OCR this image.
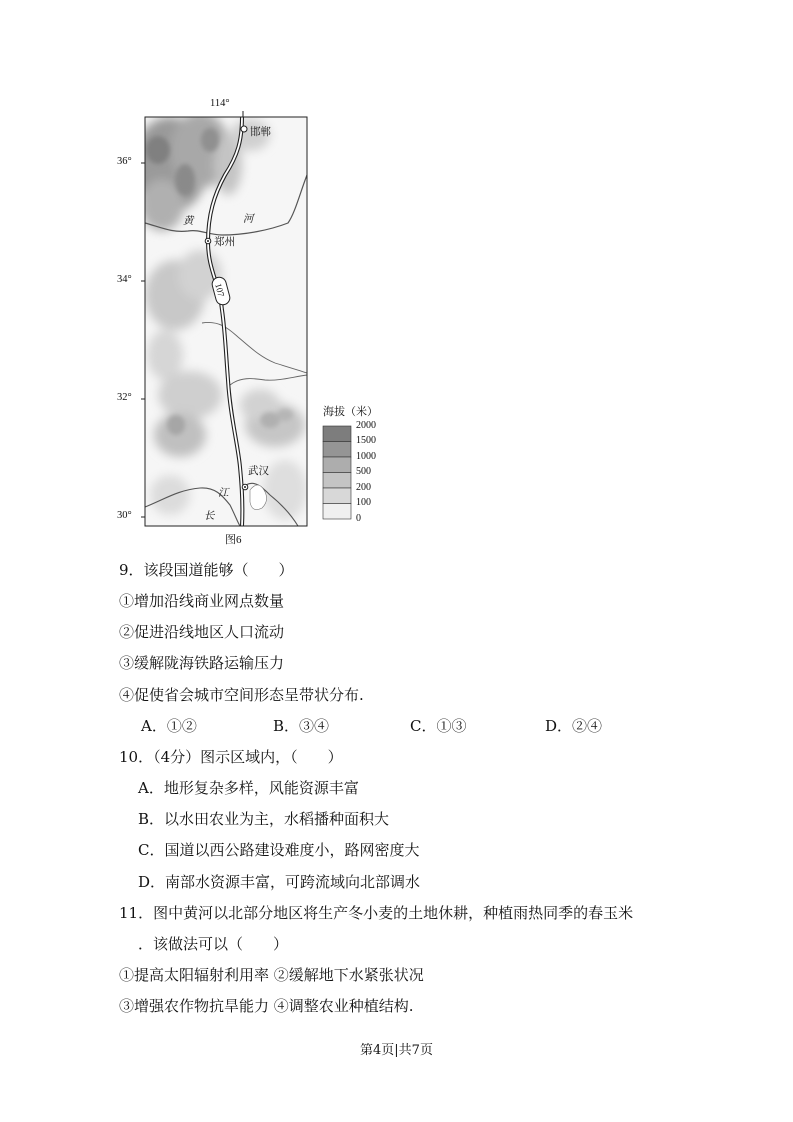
114°
36°
34°
32°
30°
邯郸
郑州
武汉
黄	河
江
长
107
海拔（米）
2000
1500
1000
500
200
100
0
图6
9．该段国道能够（　　）
①增加沿线商业网点数量
②促进沿线地区人口流动
③缓解陇海铁路运输压力
④促使省会城市空间形态呈带状分布.
A．①②	B．③④	C．①③	D．②④
10．（4分）图示区域内，（　　）
A．地形复杂多样，风能资源丰富
B．以水田农业为主，水稻播种面积大
C．国道以西公路建设难度小，路网密度大
D．南部水资源丰富，可跨流域向北部调水
11．图中黄河以北部分地区将生产冬小麦的土地休耕，种植雨热同季的春玉米
．该做法可以（　　）
①提高太阳辐射利用率 ②缓解地下水紧张状况
③增强农作物抗旱能力 ④调整农业种植结构.
第4页|共7页
